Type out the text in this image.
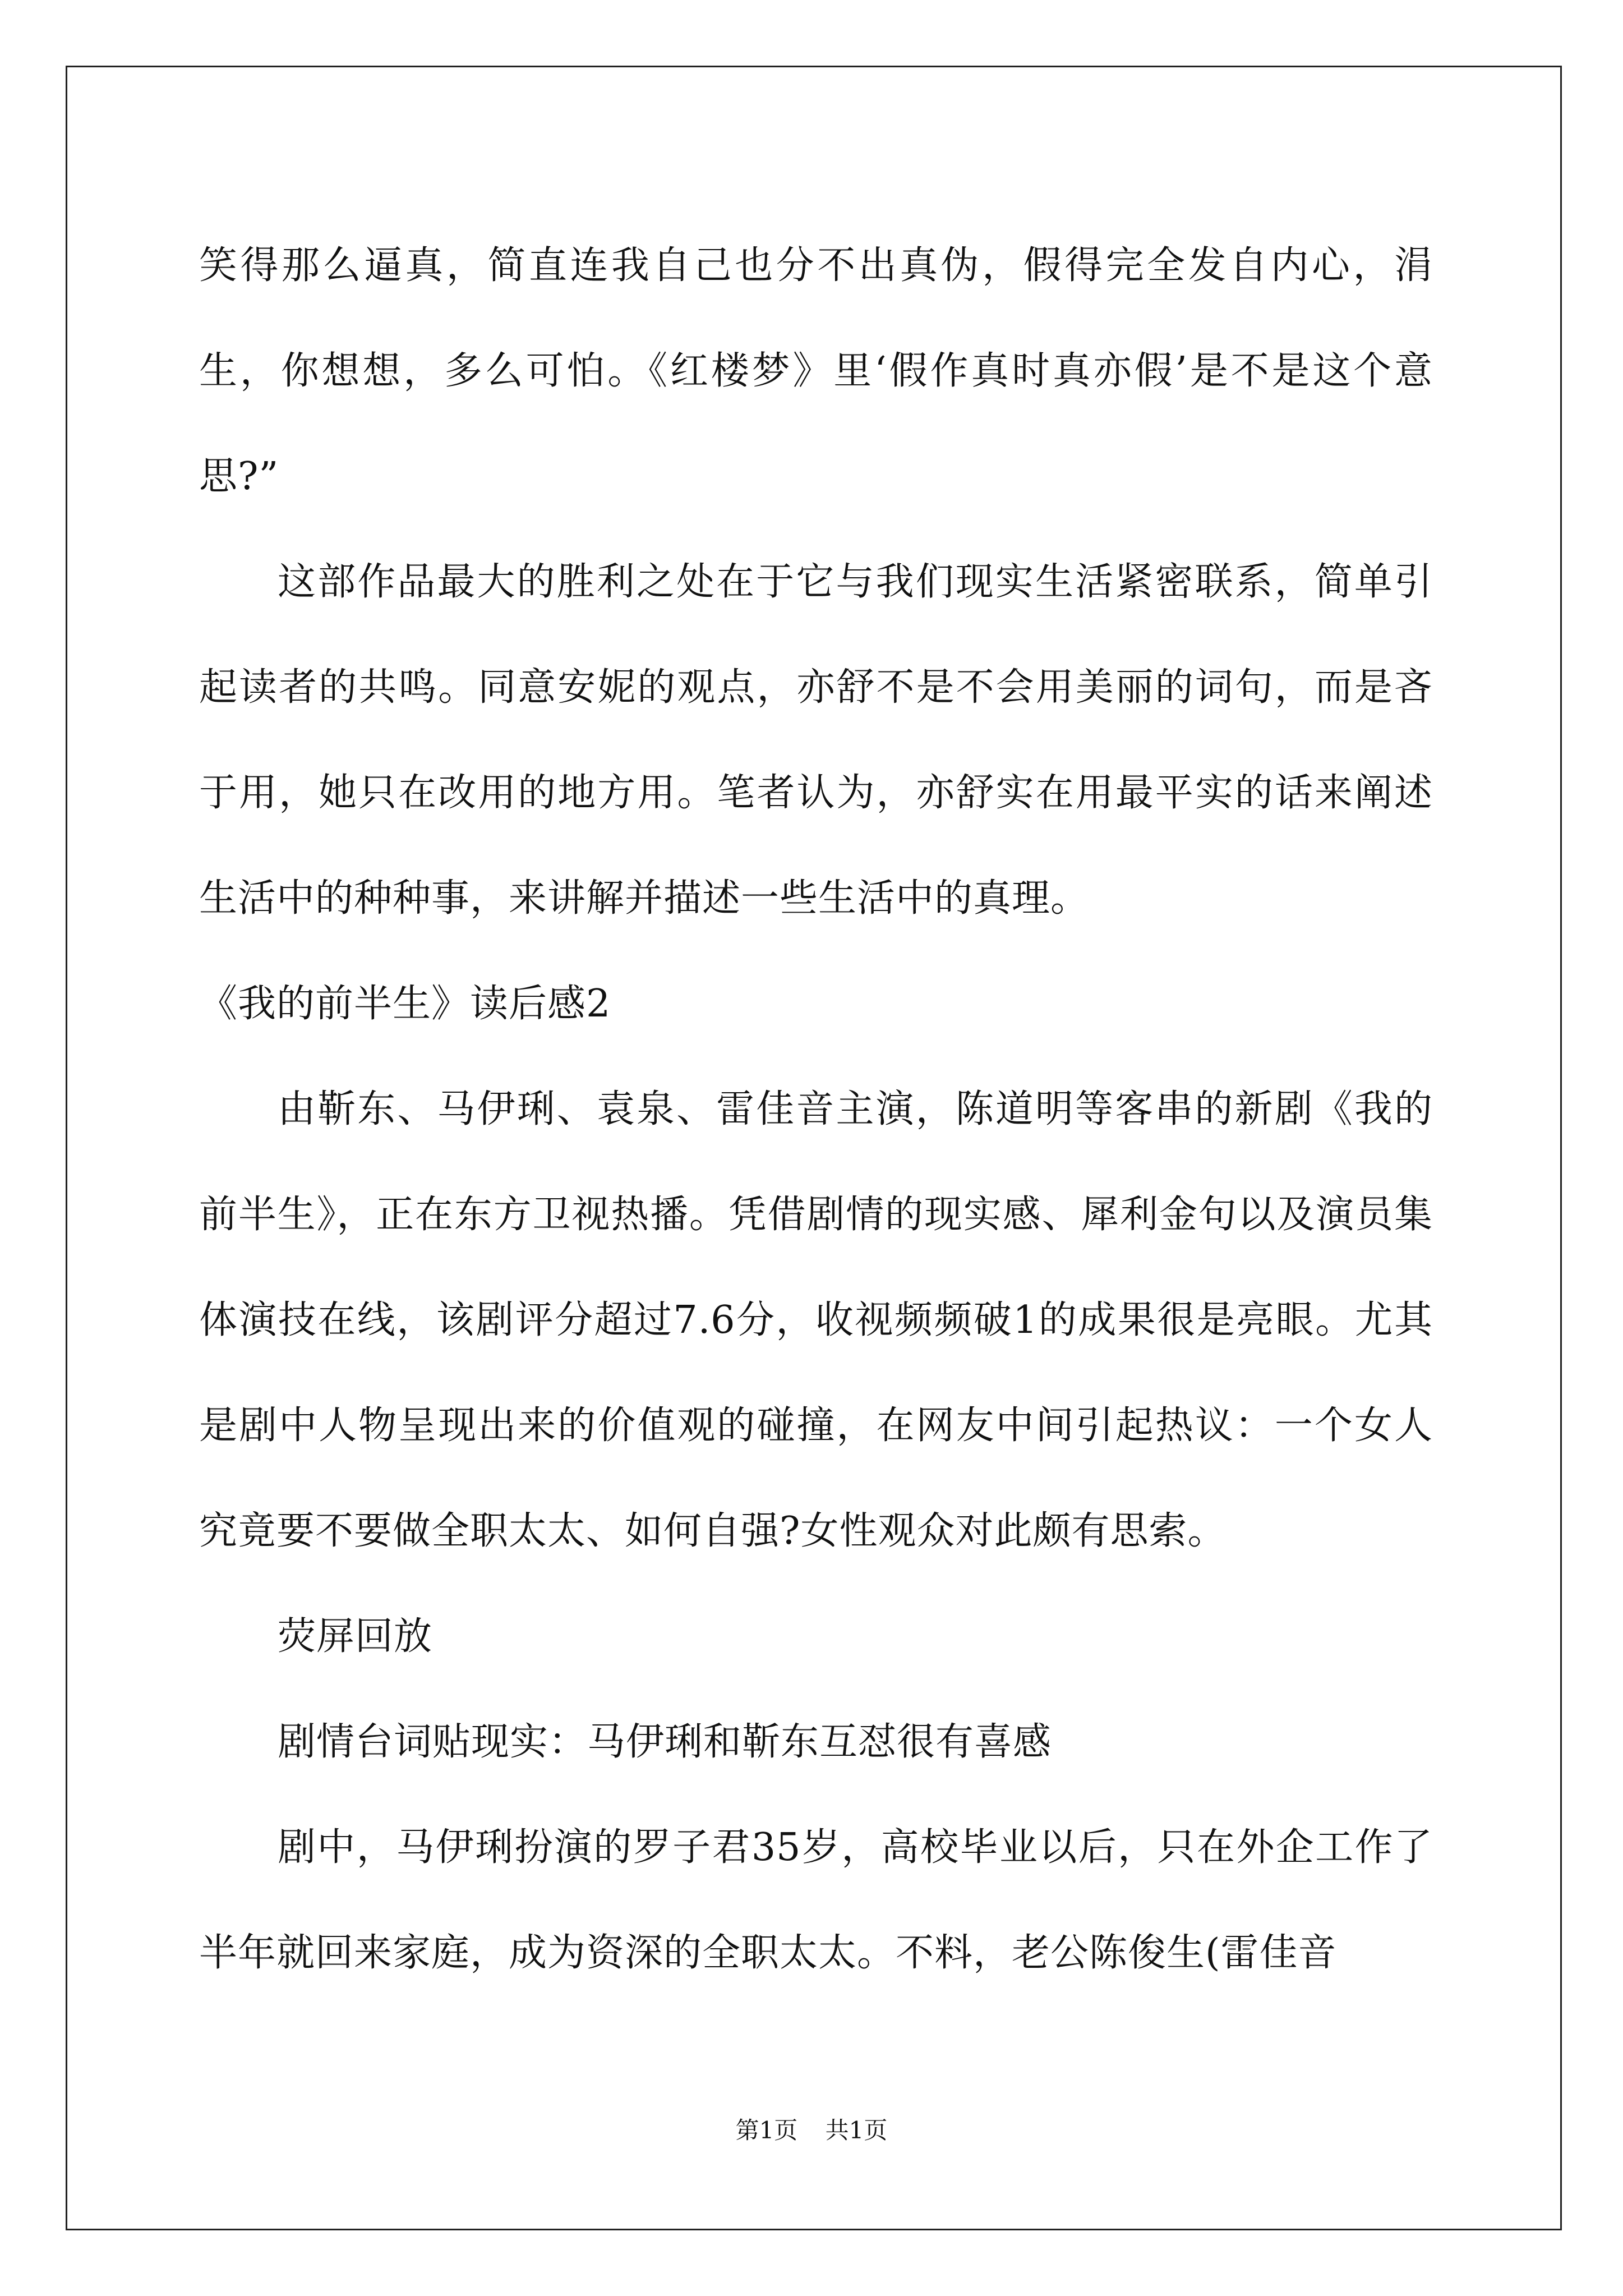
笑得那么逼真，简直连我自己也分不出真伪，假得完全发自内心，涓生，你想想，多么可怕。《红楼梦》里‘假作真时真亦假’是不是这个意思?”

这部作品最大的胜利之处在于它与我们现实生活紧密联系，简单引起读者的共鸣。同意安妮的观点，亦舒不是不会用美丽的词句，而是吝于用，她只在改用的地方用。笔者认为，亦舒实在用最平实的话来阐述生活中的种种事，来讲解并描述一些生活中的真理。

《我的前半生》读后感2

由靳东、马伊琍、袁泉、雷佳音主演，陈道明等客串的新剧《我的前半生》，正在东方卫视热播。凭借剧情的现实感、犀利金句以及演员集体演技在线，该剧评分超过7.6分，收视频频破1的成果很是亮眼。尤其是剧中人物呈现出来的价值观的碰撞，在网友中间引起热议：一个女人究竟要不要做全职太太、如何自强?女性观众对此颇有思索。

荧屏回放

剧情台词贴现实：马伊琍和靳东互怼很有喜感

剧中，马伊琍扮演的罗子君35岁，高校毕业以后，只在外企工作了半年就回来家庭，成为资深的全职太太。不料，老公陈俊生(雷佳音

第1页 共1页
